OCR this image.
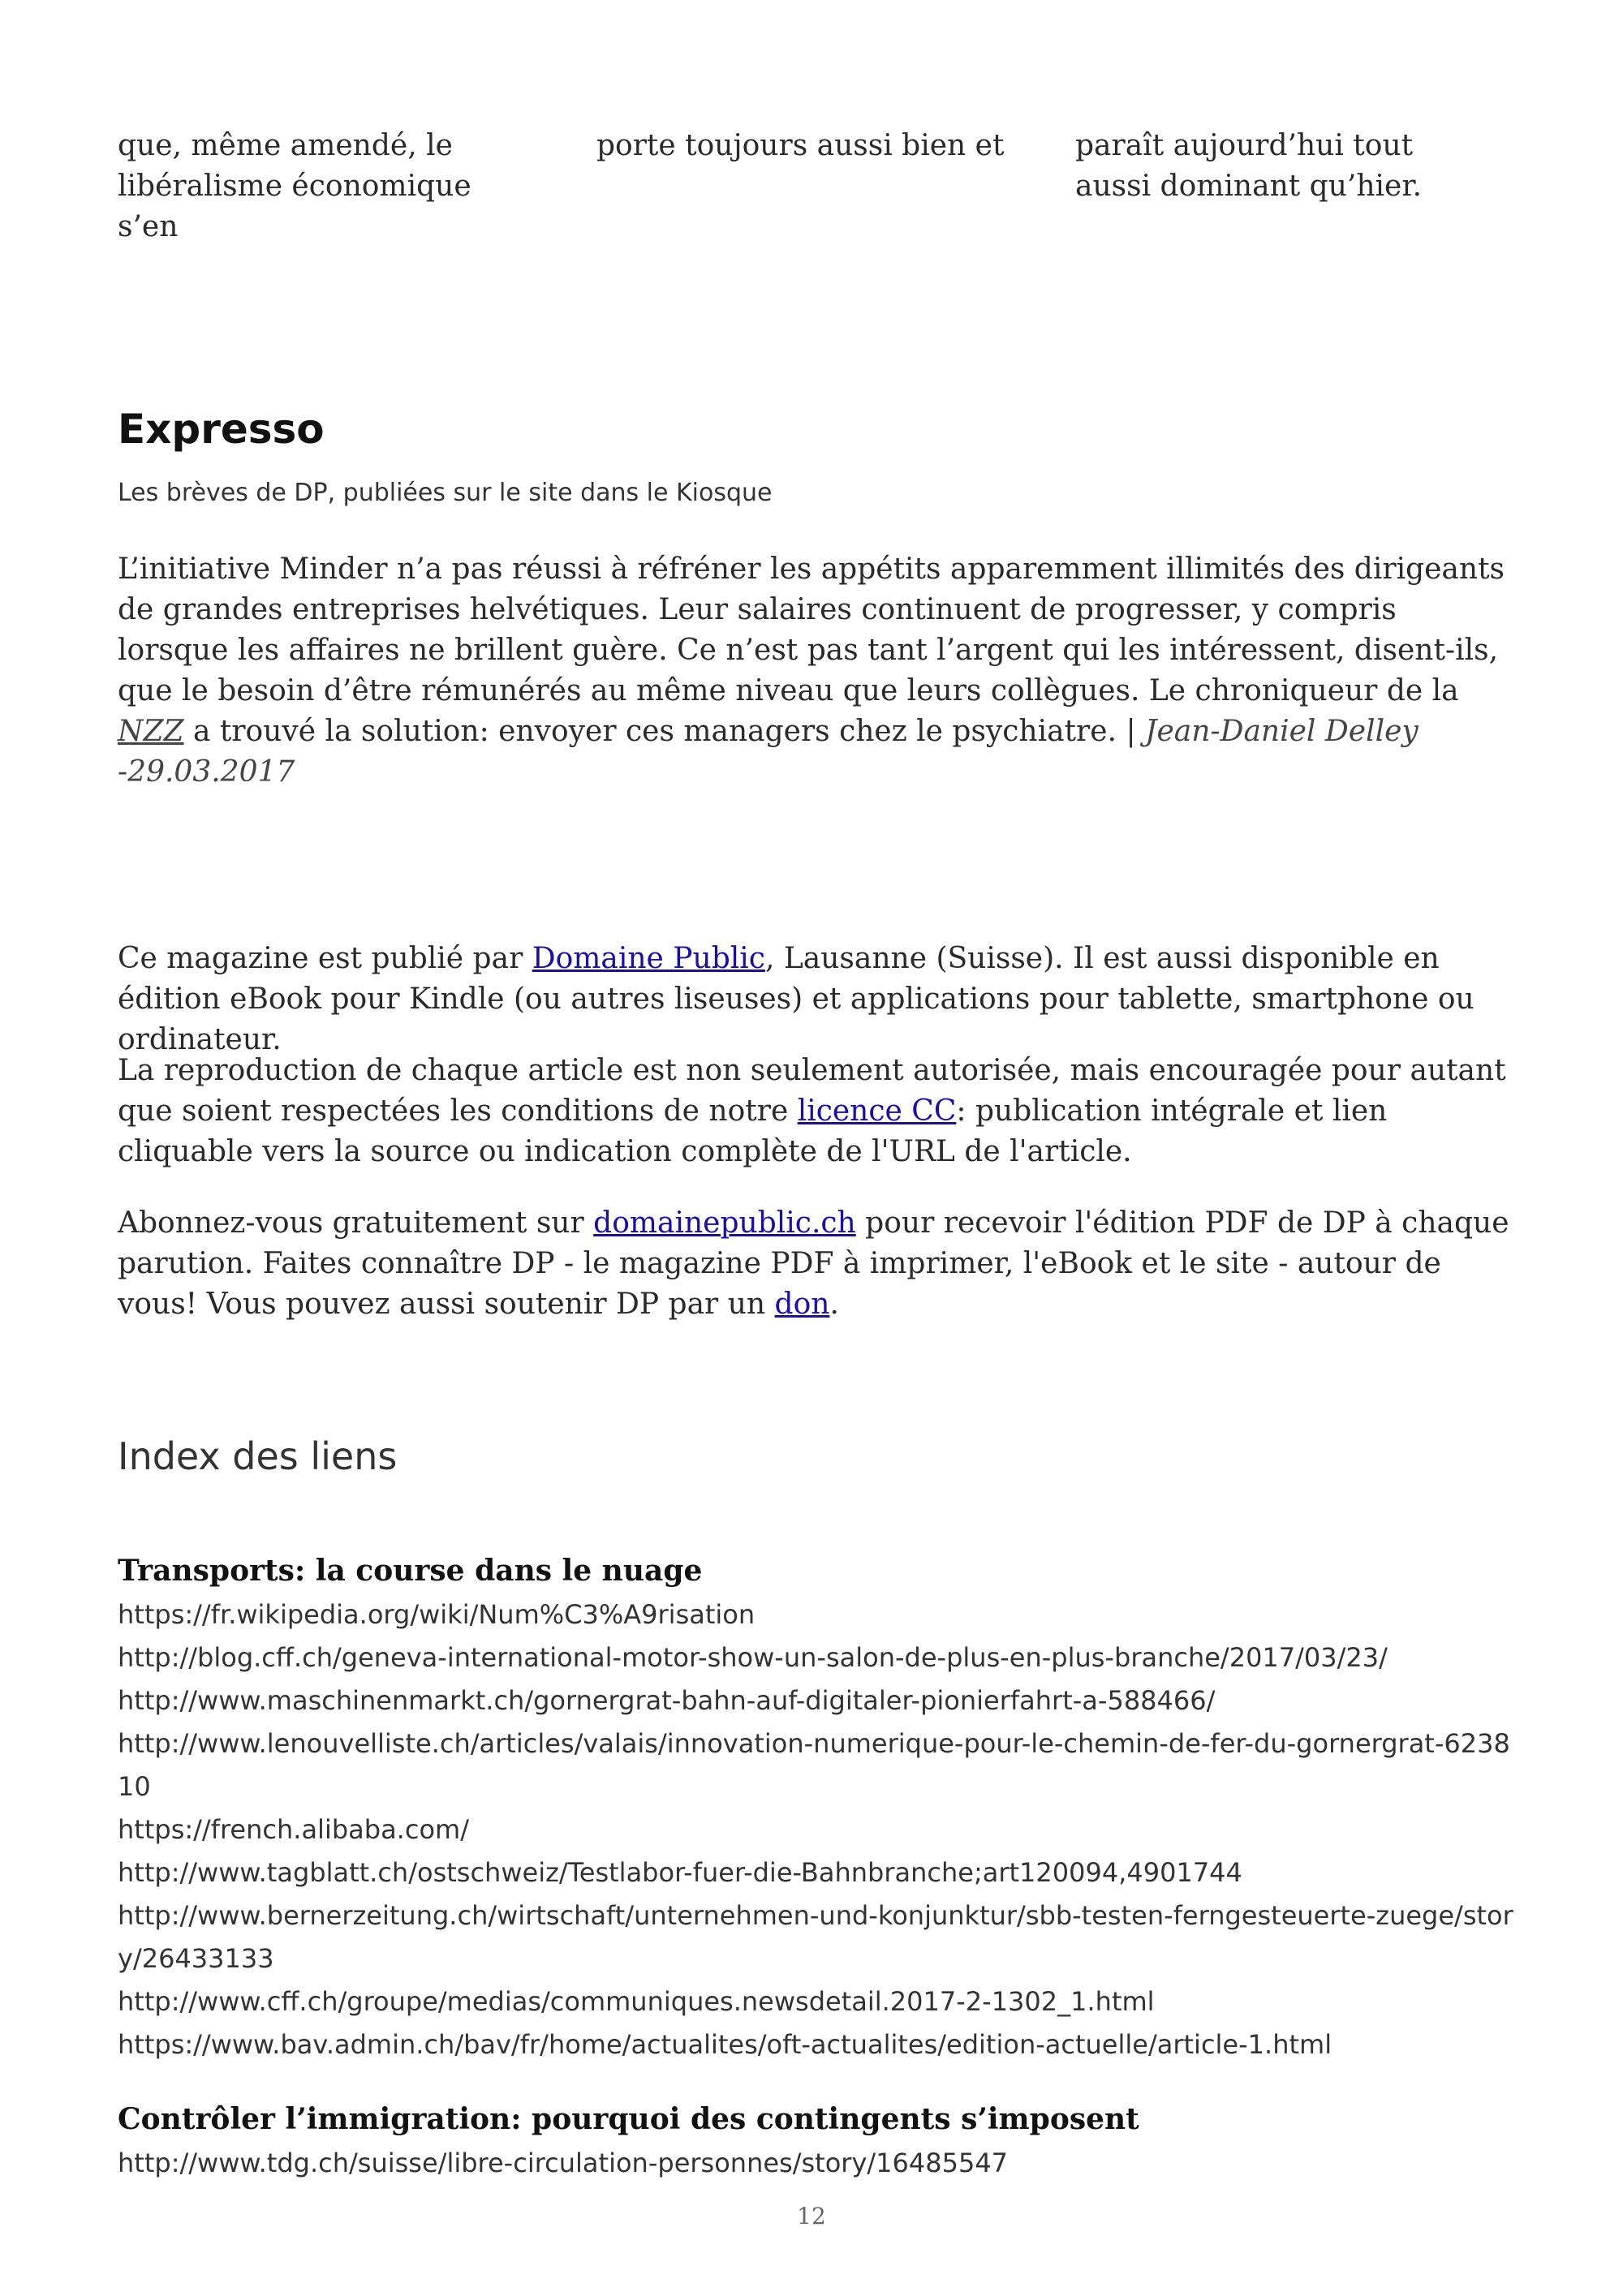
que, même amendé, le libéralisme économique s’en
porte toujours aussi bien et	paraît aujourd’hui tout aussi dominant qu’hier.
Expresso
Les brèves de DP, publiées sur le site dans le Kiosque

L’initiative Minder n’a pas réussi à réfréner les appétits apparemment illimités des dirigeants de grandes entreprises helvétiques. Leur salaires continuent de progresser, y compris lorsque les affaires ne brillent guère. Ce n’est pas tant l’argent qui les intéressent, disent-ils, que le besoin d’être rémunérés au même niveau que leurs collègues. Le chroniqueur de la NZZ a trouvé la solution: envoyer ces managers chez le psychiatre. | Jean-Daniel Delley -29.03.2017

Ce magazine est publié par Domaine Public, Lausanne (Suisse). Il est aussi disponible en édition eBook pour Kindle (ou autres liseuses) et applications pour tablette, smartphone ou ordinateur.

La reproduction de chaque article est non seulement autorisée, mais encouragée pour autant que soient respectées les conditions de notre licence CC: publication intégrale et lien cliquable vers la source ou indication complète de l'URL de l'article.

Abonnez-vous gratuitement sur domainepublic.ch pour recevoir l'édition PDF de DP à chaque parution. Faites connaître DP - le magazine PDF à imprimer, l'eBook et le site - autour de vous! Vous pouvez aussi soutenir DP par un don.

Index des liens

Transports: la course dans le nuage

https://fr.wikipedia.org/wiki/Num%C3%A9risation

http://blog.cff.ch/geneva-international-motor-show-un-salon-de-plus-en-plus-branche/2017/03/23/

http://www.maschinenmarkt.ch/gornergrat-bahn-auf-digitaler-pionierfahrt-a-588466/

http://www.lenouvelliste.ch/articles/valais/innovation-numerique-pour-le-chemin-de-fer-du-gornergrat-623810

https://french.alibaba.com/

http://www.tagblatt.ch/ostschweiz/Testlabor-fuer-die-Bahnbranche;art120094,4901744

http://www.bernerzeitung.ch/wirtschaft/unternehmen-und-konjunktur/sbb-testen-ferngesteuerte-zuege/story/26433133

http://www.cff.ch/groupe/medias/communiques.newsdetail.2017-2-1302_1.html

https://www.bav.admin.ch/bav/fr/home/actualites/oft-actualites/edition-actuelle/article-1.html

Contrôler l’immigration: pourquoi des contingents s’imposent

http://www.tdg.ch/suisse/libre-circulation-personnes/story/16485547

12
